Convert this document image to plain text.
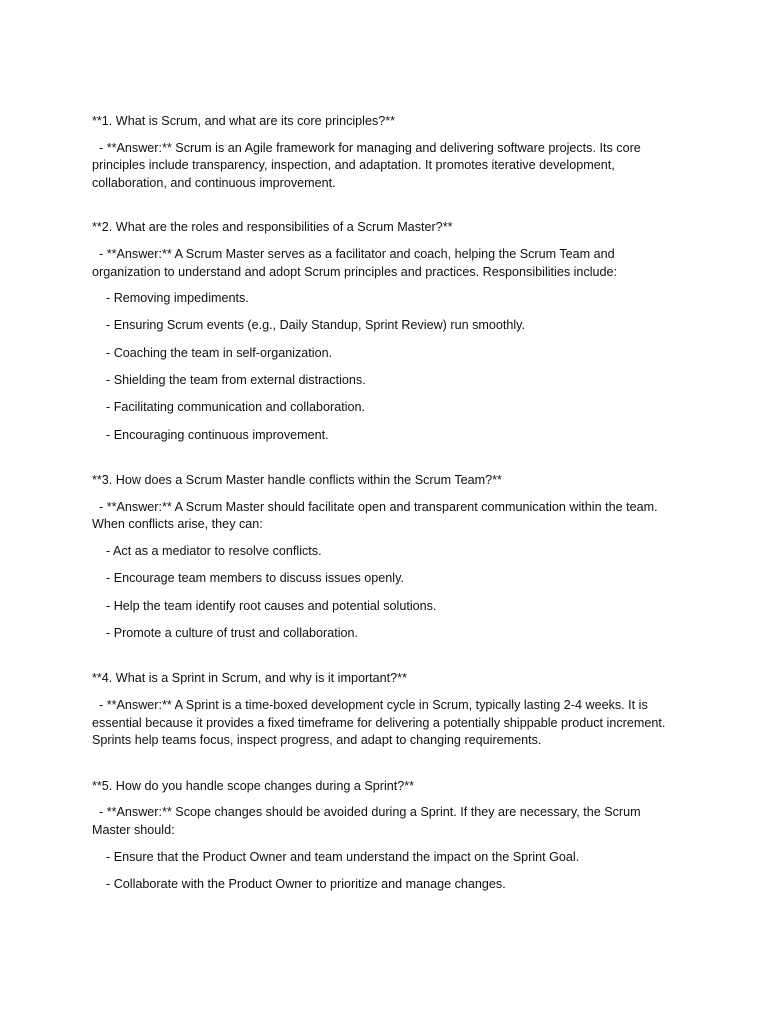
**1. What is Scrum, and what are its core principles?**

- **Answer:** Scrum is an Agile framework for managing and delivering software projects. Its core principles include transparency, inspection, and adaptation. It promotes iterative development, collaboration, and continuous improvement.

**2. What are the roles and responsibilities of a Scrum Master?**

- **Answer:** A Scrum Master serves as a facilitator and coach, helping the Scrum Team and organization to understand and adopt Scrum principles and practices. Responsibilities include:

- Removing impediments.
- Ensuring Scrum events (e.g., Daily Standup, Sprint Review) run smoothly.
- Coaching the team in self-organization.
- Shielding the team from external distractions.
- Facilitating communication and collaboration.
- Encouraging continuous improvement.

**3. How does a Scrum Master handle conflicts within the Scrum Team?**

- **Answer:** A Scrum Master should facilitate open and transparent communication within the team. When conflicts arise, they can:

- Act as a mediator to resolve conflicts.
- Encourage team members to discuss issues openly.
- Help the team identify root causes and potential solutions.
- Promote a culture of trust and collaboration.

**4. What is a Sprint in Scrum, and why is it important?**

- **Answer:** A Sprint is a time-boxed development cycle in Scrum, typically lasting 2-4 weeks. It is essential because it provides a fixed timeframe for delivering a potentially shippable product increment. Sprints help teams focus, inspect progress, and adapt to changing requirements.

**5. How do you handle scope changes during a Sprint?**

- **Answer:** Scope changes should be avoided during a Sprint. If they are necessary, the Scrum Master should:

- Ensure that the Product Owner and team understand the impact on the Sprint Goal.
- Collaborate with the Product Owner to prioritize and manage changes.
